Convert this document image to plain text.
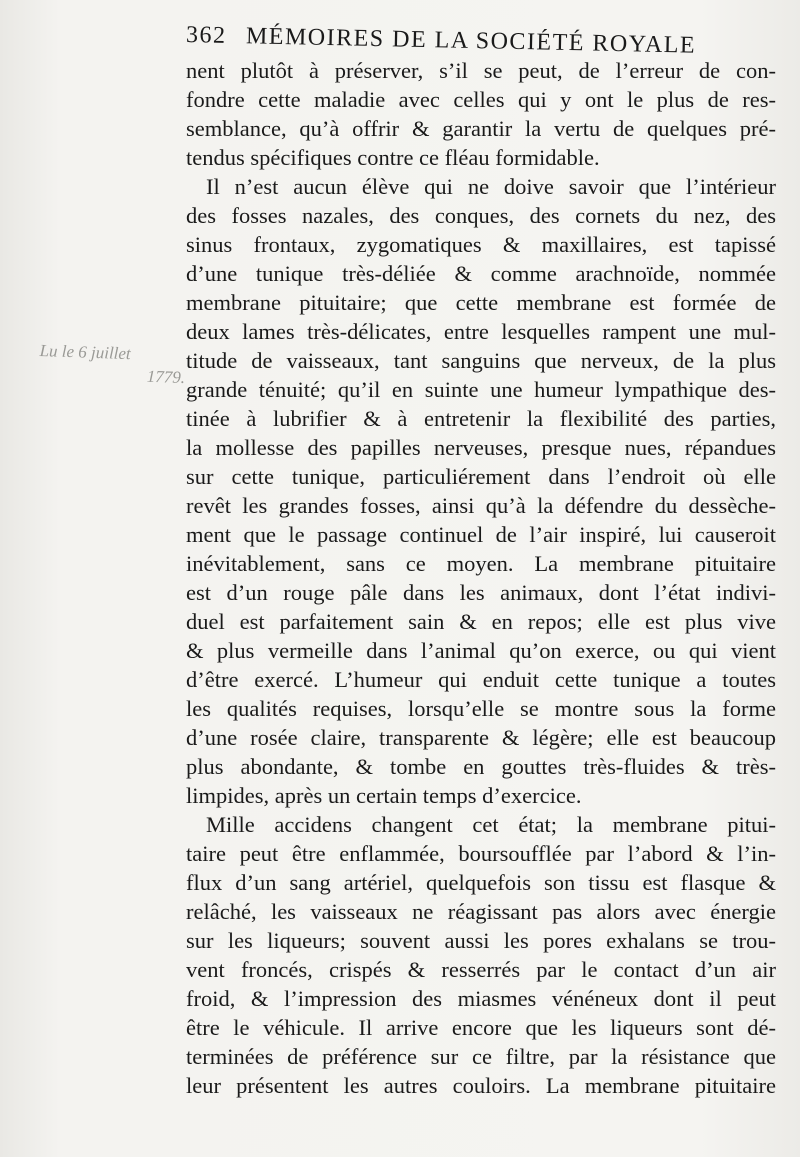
362 MÉMOIRES DE LA SOCIÉTÉ ROYALE
Lu le 6 juillet
1779.
nent plutôt à préserver, s’il se peut, de l’erreur de con-
fondre cette maladie avec celles qui y ont le plus de res-
semblance, qu’à offrir & garantir la vertu de quelques pré-
tendus spécifiques contre ce fléau formidable.
Il n’est aucun élève qui ne doive savoir que l’intérieur
des fosses nazales, des conques, des cornets du nez, des
sinus frontaux, zygomatiques & maxillaires, est tapissé
d’une tunique très-déliée & comme arachnoïde, nommée
membrane pituitaire; que cette membrane est formée de
deux lames très-délicates, entre lesquelles rampent une mul-
titude de vaisseaux, tant sanguins que nerveux, de la plus
grande ténuité; qu’il en suinte une humeur lympathique des-
tinée à lubrifier & à entretenir la flexibilité des parties,
la mollesse des papilles nerveuses, presque nues, répandues
sur cette tunique, particuliérement dans l’endroit où elle
revêt les grandes fosses, ainsi qu’à la défendre du dessèche-
ment que le passage continuel de l’air inspiré, lui causeroit
inévitablement, sans ce moyen. La membrane pituitaire
est d’un rouge pâle dans les animaux, dont l’état indivi-
duel est parfaitement sain & en repos; elle est plus vive
& plus vermeille dans l’animal qu’on exerce, ou qui vient
d’être exercé. L’humeur qui enduit cette tunique a toutes
les qualités requises, lorsqu’elle se montre sous la forme
d’une rosée claire, transparente & légère; elle est beaucoup
plus abondante, & tombe en gouttes très-fluides & très-
limpides, après un certain temps d’exercice.
Mille accidens changent cet état; la membrane pitui-
taire peut être enflammée, boursoufflée par l’abord & l’in-
flux d’un sang artériel, quelquefois son tissu est flasque &
relâché, les vaisseaux ne réagissant pas alors avec énergie
sur les liqueurs; souvent aussi les pores exhalans se trou-
vent froncés, crispés & resserrés par le contact d’un air
froid, & l’impression des miasmes vénéneux dont il peut
être le véhicule. Il arrive encore que les liqueurs sont dé-
terminées de préférence sur ce filtre, par la résistance que
leur présentent les autres couloirs. La membrane pituitaire
